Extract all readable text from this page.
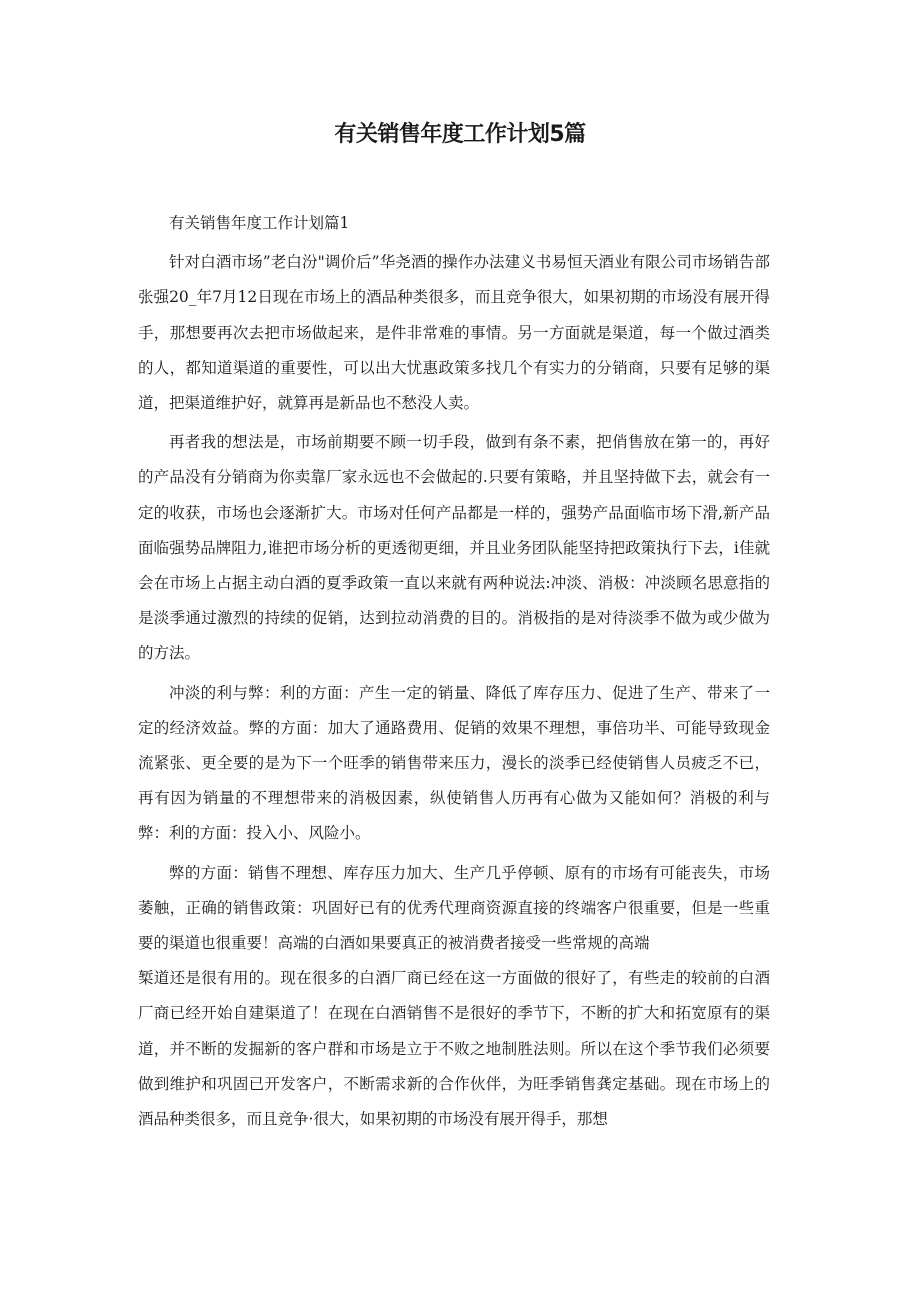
有关销售年度工作计划5篇

有关销售年度工作计划篇1

针对白酒市场”老白汾"调价后”华尧酒的操作办法建义书易恒天酒业有限公司市场销告部张强20_年7月12日现在市场上的酒品种类很多，而且竞争很大，如果初期的市场没有展开得手，那想要再次去把市场做起来，是件非常难的事情。另一方面就是渠道，每一个做过酒类的人，都知道渠道的重要性，可以出大忧惠政策多找几个有实力的分销商，只要有足够的渠道，把渠道维护好，就算再是新品也不愁没人卖。

再者我的想法是，市场前期要不顾一切手段，做到有条不素，把俏售放在第一的，再好的产品没有分销商为你卖靠厂家永远也不会做起的.只要有策略，并且坚持做下去，就会有一定的收获，市场也会逐渐扩大。市场对任何产品都是一样的，强势产品面临市场下滑,新产品面临强势品牌阻力,谁把市场分析的更透彻更细，并且业务团队能坚持把政策执行下去，i佳就会在市场上占据主动白酒的夏季政策一直以来就有两种说法:冲淡、消极：冲淡顾名思意指的是淡季通过激烈的持续的促销，达到拉动消费的目的。消极指的是对待淡季不做为或少做为的方法。

冲淡的利与弊：利的方面：产生一定的销量、降低了库存压力、促进了生产、带来了一定的经济效益。弊的方面：加大了通路费用、促销的效果不理想，事倍功半、可能导致现金流紧张、更全要的是为下一个旺季的销售带来压力，漫长的淡季已经使销售人员疲乏不已，再有因为销量的不理想带来的消极因素，纵使销售人历再有心做为又能如何？消极的利与弊：利的方面：投入小、风险小。

弊的方面：销售不理想、库存压力加大、生产几乎停顿、原有的市场有可能丧失，市场萎触，正确的销售政策：巩固好已有的优秀代理商资源直接的终端客户很重要，但是一些重要的渠道也很重要！高端的白酒如果要真正的被消费者接受一些常规的高端
椠道还是很有用的。现在很多的白酒厂商已经在这一方面做的很好了，有些走的较前的白酒厂商已经开始自建渠道了！在现在白酒销售不是很好的季节下，不断的扩大和拓宽原有的渠道，并不断的发掘新的客户群和市场是立于不败之地制胜法则。所以在这个季节我们必须要做到维护和巩固已开发客户，不断需求新的合作伙伴，为旺季销售龚定基础。现在市场上的酒品种类很多，而且竞争·很大，如果初期的市场没有展开得手，那想
